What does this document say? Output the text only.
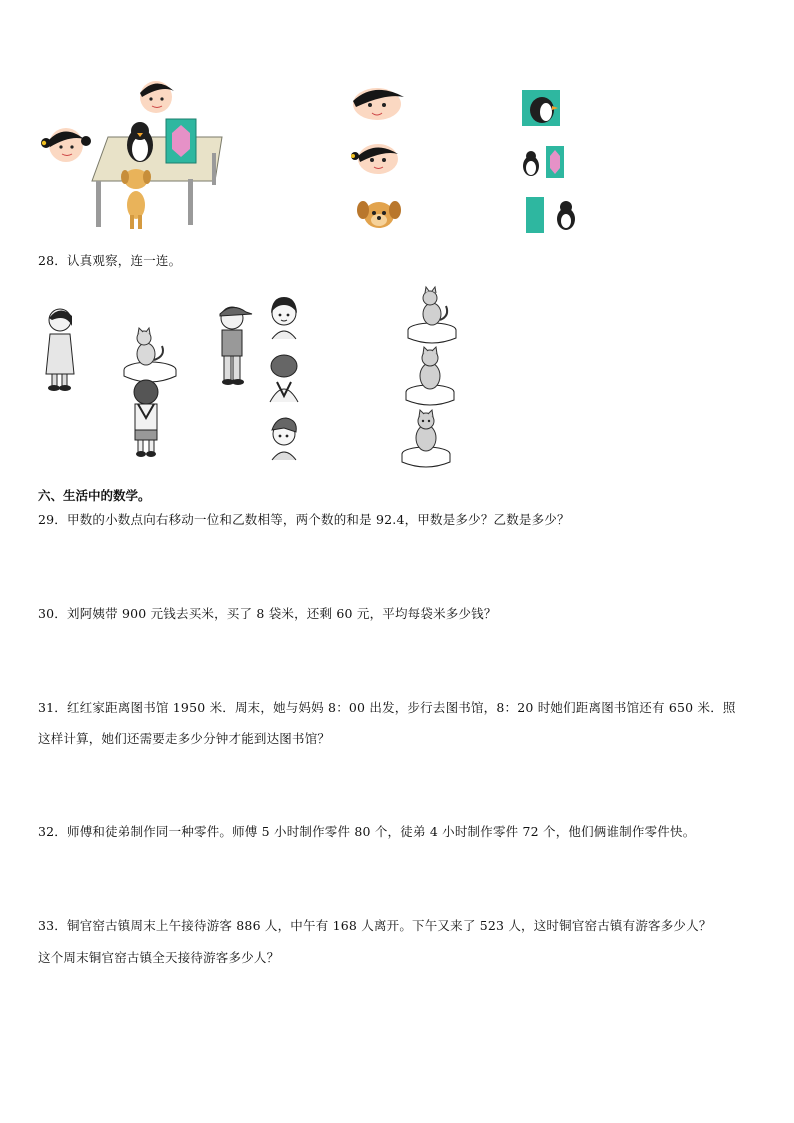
28．认真观察，连一连。
六、生活中的数学。
29．甲数的小数点向右移动一位和乙数相等，两个数的和是 92.4，甲数是多少？乙数是多少？
30．刘阿姨带 900 元钱去买米，买了 8 袋米，还剩 60 元，平均每袋米多少钱？
31．红红家距离图书馆 1950 米．周末，她与妈妈 8：00 出发，步行去图书馆，8：20 时她们距离图书馆还有 650 米．照
这样计算，她们还需要走多少分钟才能到达图书馆？
32．师傅和徒弟制作同一种零件。师傅 5 小时制作零件 80 个，徒弟 4 小时制作零件 72 个，他们俩谁制作零件快。
33．铜官窑古镇周末上午接待游客 886 人，中午有 168 人离开。下午又来了 523 人，这时铜官窑古镇有游客多少人？
这个周末铜官窑古镇全天接待游客多少人？
